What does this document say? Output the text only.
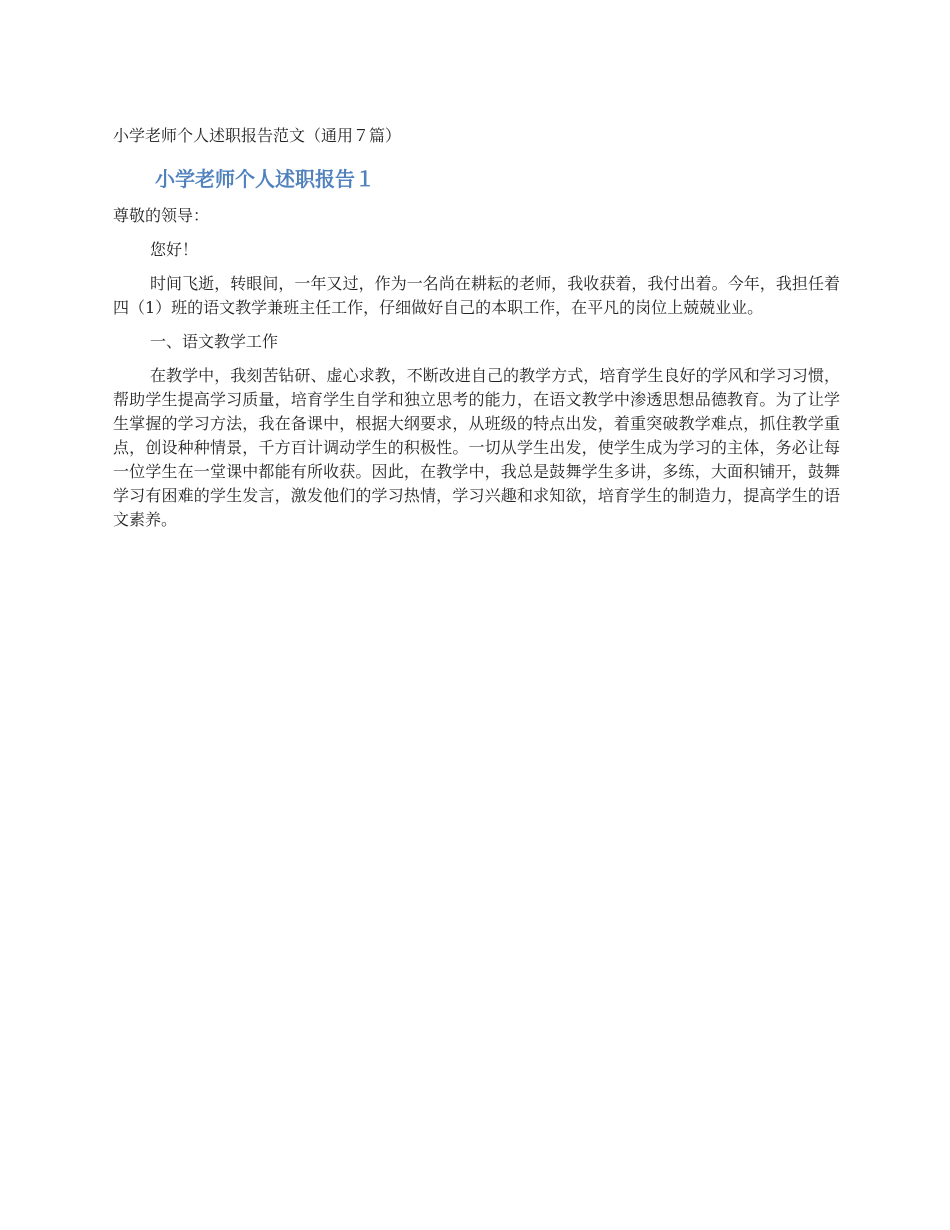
小学老师个人述职报告范文（通用７篇）

小学老师个人述职报告１

尊敬的领导：

您好！

时间飞逝，转眼间，一年又过，作为一名尚在耕耘的老师，我收获着，我付出着。今年，我担任着四（1）班的语文教学兼班主任工作，仔细做好自己的本职工作，在平凡的岗位上兢兢业业。

一、语文教学工作

在教学中，我刻苦钻研、虚心求教，不断改进自己的教学方式，培育学生良好的学风和学习习惯，帮助学生提高学习质量，培育学生自学和独立思考的能力，在语文教学中渗透思想品德教育。为了让学生掌握的学习方法，我在备课中，根据大纲要求，从班级的特点出发，着重突破教学难点，抓住教学重点，创设种种情景，千方百计调动学生的积极性。一切从学生出发，使学生成为学习的主体，务必让每一位学生在一堂课中都能有所收获。因此，在教学中，我总是鼓舞学生多讲，多练，大面积铺开，鼓舞学习有困难的学生发言，激发他们的学习热情，学习兴趣和求知欲，培育学生的制造力，提高学生的语文素养。
